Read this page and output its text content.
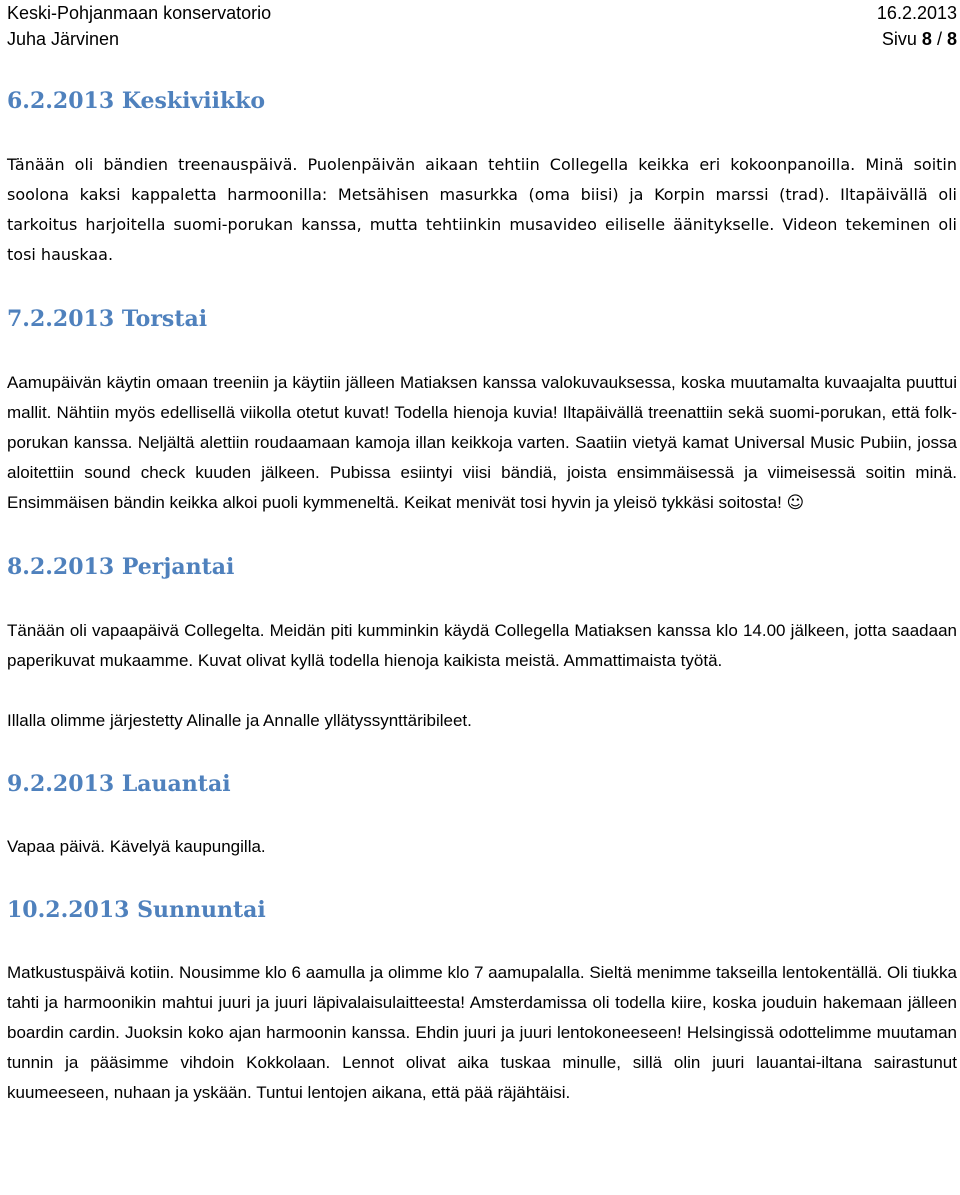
Keski-Pohjanmaan konservatorio	16.2.2013
Juha Järvinen	Sivu 8 / 8
6.2.2013 Keskiviikko

Tänään oli bändien treenauspäivä. Puolenpäivän aikaan tehtiin Collegella keikka eri kokoonpanoilla. Minä soitin soolona kaksi kappaletta harmoonilla: Metsähisen masurkka (oma biisi) ja Korpin marssi (trad). Iltapäivällä oli tarkoitus harjoitella suomi-porukan kanssa, mutta tehtiinkin musavideo eiliselle äänitykselle. Videon tekeminen oli tosi hauskaa.

7.2.2013 Torstai

Aamupäivän käytin omaan treeniin ja käytiin jälleen Matiaksen kanssa valokuvauksessa, koska muutamalta kuvaajalta puuttui mallit. Nähtiin myös edellisellä viikolla otetut kuvat! Todella hienoja kuvia! Iltapäivällä treenattiin sekä suomi-porukan, että folk-porukan kanssa. Neljältä alettiin roudaamaan kamoja illan keikkoja varten. Saatiin vietyä kamat Universal Music Pubiin, jossa aloitettiin sound check kuuden jälkeen. Pubissa esiintyi viisi bändiä, joista ensimmäisessä ja viimeisessä soitin minä. Ensimmäisen bändin keikka alkoi puoli kymmeneltä. Keikat menivät tosi hyvin ja yleisö tykkäsi soitosta! ☺

8.2.2013 Perjantai

Tänään oli vapaapäivä Collegelta. Meidän piti kumminkin käydä Collegella Matiaksen kanssa klo 14.00 jälkeen, jotta saadaan paperikuvat mukaamme. Kuvat olivat kyllä todella hienoja kaikista meistä. Ammattimaista työtä.

Illalla olimme järjestetty Alinalle ja Annalle yllätyssynttäribileet.

9.2.2013 Lauantai

Vapaa päivä. Kävelyä kaupungilla.

10.2.2013 Sunnuntai

Matkustuspäivä kotiin. Nousimme klo 6 aamulla ja olimme klo 7 aamupalalla. Sieltä menimme takseilla lentokentällä. Oli tiukka tahti ja harmoonikin mahtui juuri ja juuri läpivalaisulaitteesta! Amsterdamissa oli todella kiire, koska jouduin hakemaan jälleen boardin cardin. Juoksin koko ajan harmoonin kanssa. Ehdin juuri ja juuri lentokoneeseen! Helsingissä odottelimme muutaman tunnin ja pääsimme vihdoin Kokkolaan. Lennot olivat aika tuskaa minulle, sillä olin juuri lauantai-iltana sairastunut kuumeeseen, nuhaan ja yskään. Tuntui lentojen aikana, että pää räjähtäisi.
